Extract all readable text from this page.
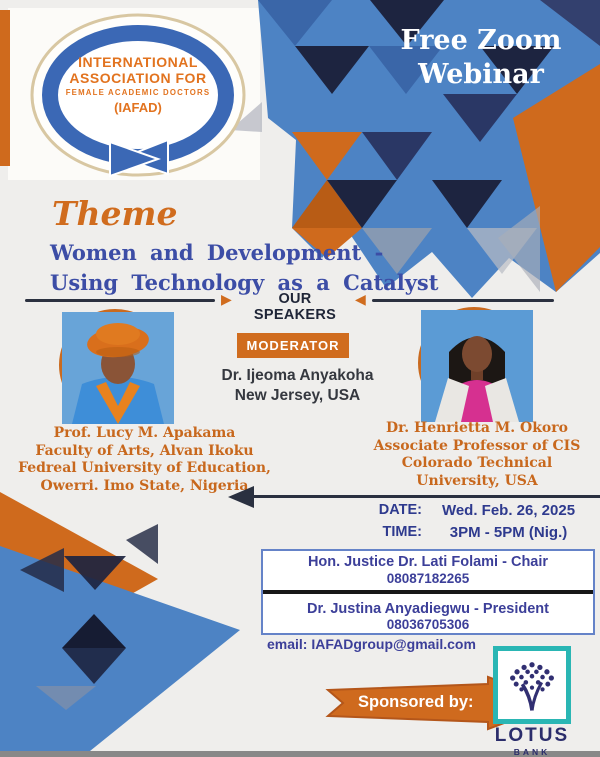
INTERNATIONAL
ASSOCIATION FOR
FEMALE ACADEMIC DOCTORS
(IAFAD)
Free Zoom
Webinar
Theme
Women and Development -
Using Technology as a Catalyst
▶	OUR SPEAKERS
◀
MODERATOR
Dr. Ijeoma Anyakoha
New Jersey, USA
Prof. Lucy M. Apakama
Faculty of Arts, Alvan Ikoku
Fedreal University of Education,
Owerri. Imo State, Nigeria
Dr. Henrietta M. Okoro
Associate Professor of CIS
Colorado Technical
University, USA
DATE:	Wed. Feb. 26, 2025
TIME:	3PM - 5PM (Nig.)
Hon. Justice Dr. Lati Folami - Chair
08087182265
Dr. Justina Anyadiegwu - President
08036705306
email: IAFADgroup@gmail.com
Sponsored by:
LOTUS
BANK
